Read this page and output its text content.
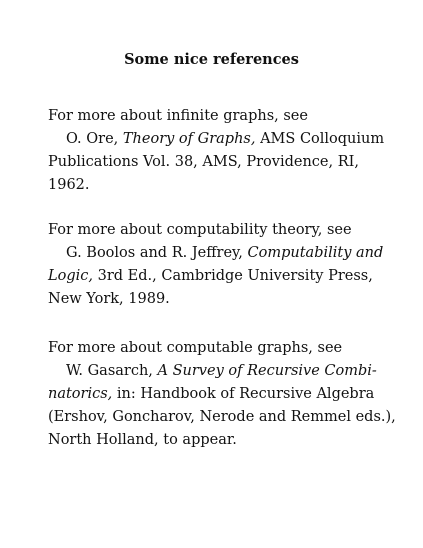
Some nice references
For more about infinite graphs, see
O. Ore, Theory of Graphs, AMS Colloquium
Publications Vol. 38, AMS, Providence, RI,
1962.
For more about computability theory, see
G. Boolos and R. Jeffrey, Computability and
Logic, 3rd Ed., Cambridge University Press,
New York, 1989.
For more about computable graphs, see
W. Gasarch, A Survey of Recursive Combi-
natorics, in: Handbook of Recursive Algebra
(Ershov, Goncharov, Nerode and Remmel eds.),
North Holland, to appear.
